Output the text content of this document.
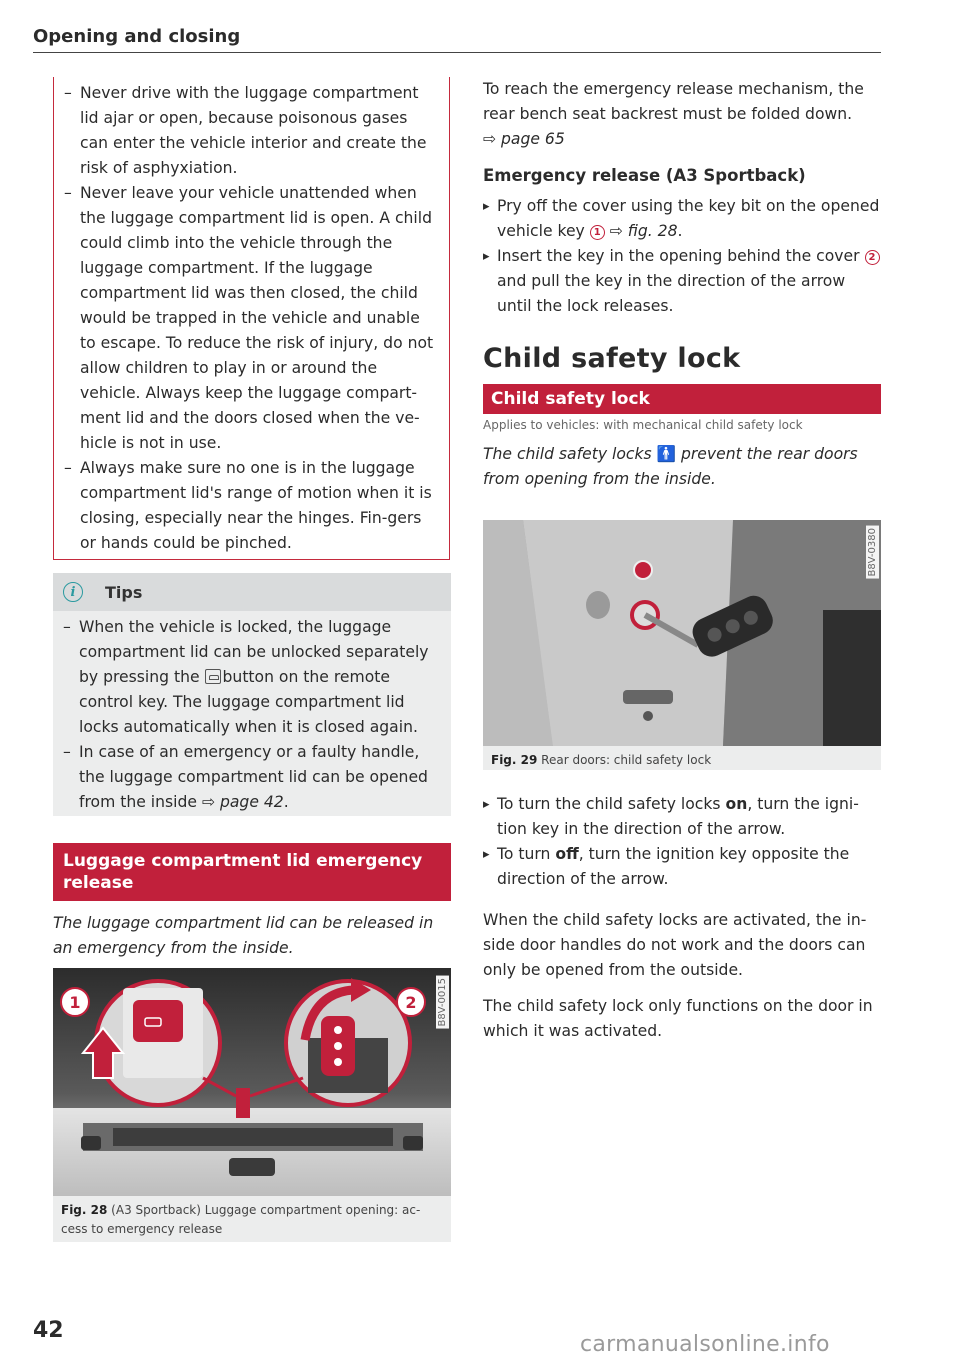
Opening and closing
– Never drive with the luggage compartment lid ajar or open, because poisonous gases can enter the vehicle interior and create the risk of asphyxiation.
– Never leave your vehicle unattended when the luggage compartment lid is open. A child could climb into the vehicle through the luggage compartment. If the luggage compartment lid was then closed, the child would be trapped in the vehicle and unable to escape. To reduce the risk of injury, do not allow children to play in or around the vehicle. Always keep the luggage compart-ment lid and the doors closed when the ve-hicle is not in use.
– Always make sure no one is in the luggage compartment lid's range of motion when it is closing, especially near the hinges. Fin-gers or hands could be pinched.
i	Tips
– When the vehicle is locked, the luggage compartment lid can be unlocked separately by pressing the button on the remote control key. The luggage compartment lid locks automatically when it is closed again.
– In case of an emergency or a faulty handle, the luggage compartment lid can be opened from the inside ⇨ page 42.
Luggage compartment lid emergency release
The luggage compartment lid can be released in an emergency from the inside.
1	2 B8V-0015
Fig. 28 (A3 Sportback) Luggage compartment opening: ac-cess to emergency release
42

To reach the emergency release mechanism, the rear bench seat backrest must be folded down.
⇨ page 65

Emergency release (A3 Sportback)
▸ Pry off the cover using the key bit on the opened vehicle key 1 ⇨ fig. 28.
▸ Insert the key in the opening behind the cover 2 and pull the key in the direction of the arrow until the lock releases.
Child safety lock
Child safety lock
Applies to vehicles: with mechanical child safety lock
The child safety locks 🚹 prevent the rear doors from opening from the inside.
B8V-0380
Fig. 29 Rear doors: child safety lock
▸ To turn the child safety locks on, turn the igni-tion key in the direction of the arrow.
▸ To turn off, turn the ignition key opposite the direction of the arrow.

When the child safety locks are activated, the in-side door handles do not work and the doors can only be opened from the outside.

The child safety lock only functions on the door in which it was activated.

carmanualsonline.info
